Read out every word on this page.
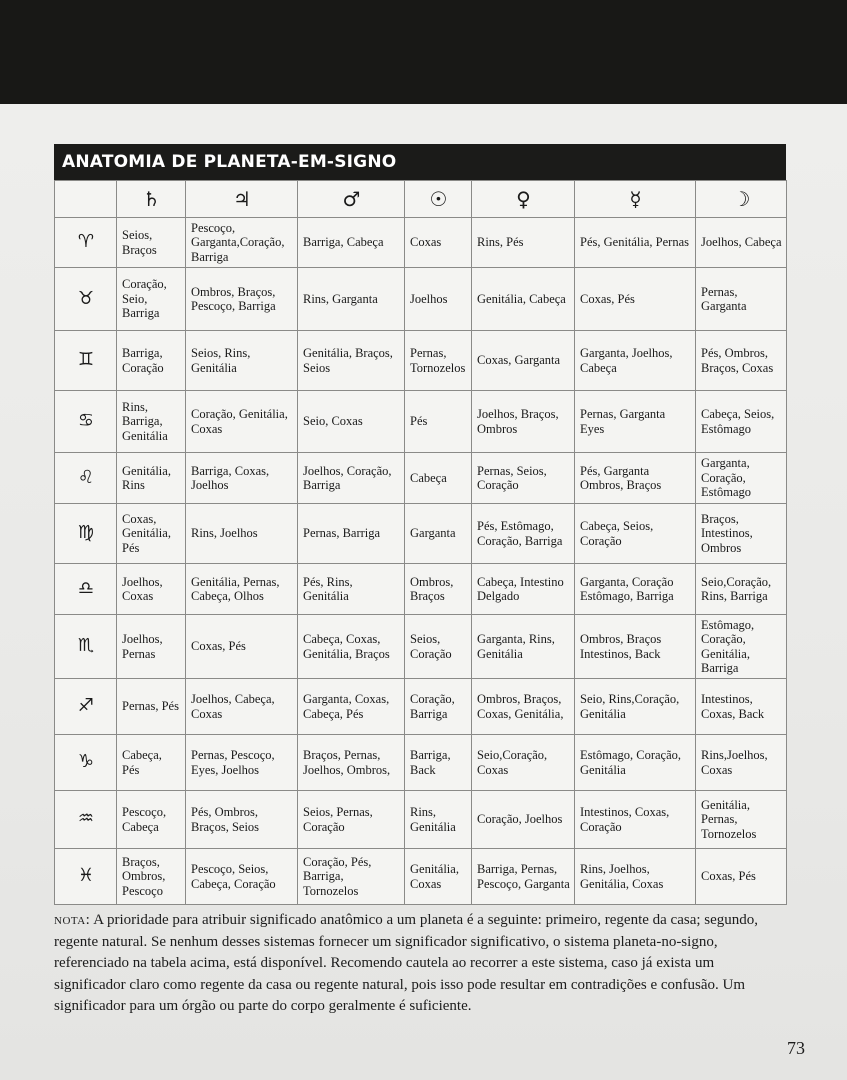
ANATOMIA DE PLANETA-EM-SIGNO
	♄	♃	♂	☉	♀	☿	☽

♈	Seios, Braços	Pescoço, Garganta,Coração, Barriga	Barriga, Cabeça	Coxas	Rins, Pés	Pés, Genitália, Pernas	Joelhos, Cabeça

♉	Coração, Seio, Barriga	Ombros, Braços, Pescoço, Barriga	Rins, Garganta	Joelhos	Genitália, Cabeça	Coxas, Pés	Pernas, Garganta

♊	Barriga, Coração	Seios, Rins, Genitália	Genitália, Braços, Seios	Pernas, Tornozelos	Coxas, Garganta	Garganta, Joelhos, Cabeça	Pés, Ombros, Braços, Coxas

♋	Rins, Barriga, Genitália	Coração, Genitália, Coxas	Seio, Coxas	Pés	Joelhos, Braços, Ombros	Pernas, Garganta Eyes	Cabeça, Seios, Estômago

♌	Genitália, Rins	Barriga, Coxas, Joelhos	Joelhos, Coração, Barriga	Cabeça	Pernas, Seios, Coração	Pés, Garganta Ombros, Braços	Garganta, Coração, Estômago

♍	Coxas, Genitália, Pés	Rins, Joelhos	Pernas, Barriga	Garganta	Pés, Estômago, Coração, Barriga	Cabeça, Seios, Coração	Braços, Intestinos, Ombros

♎	Joelhos, Coxas	Genitália, Pernas, Cabeça, Olhos	Pés, Rins, Genitália	Ombros, Braços	Cabeça, Intestino Delgado	Garganta, Coração Estômago, Barriga	Seio,Coração, Rins, Barriga

♏	Joelhos, Pernas	Coxas, Pés	Cabeça, Coxas, Genitália, Braços	Seios, Coração	Garganta, Rins, Genitália	Ombros, Braços Intestinos, Back	Estômago, Coração, Genitália, Barriga

♐	Pernas, Pés	Joelhos, Cabeça, Coxas	Garganta, Coxas, Cabeça, Pés	Coração, Barriga	Ombros, Braços, Coxas, Genitália,	Seio, Rins,Coração, Genitália	Intestinos, Coxas, Back

♑	Cabeça, Pés	Pernas, Pescoço, Eyes, Joelhos	Braços, Pernas, Joelhos, Ombros,	Barriga, Back	Seio,Coração, Coxas	Estômago, Coração, Genitália	Rins,Joelhos, Coxas

♒	Pescoço, Cabeça	Pés, Ombros, Braços, Seios	Seios, Pernas, Coração	Rins, Genitália	Coração, Joelhos	Intestinos, Coxas, Coração	Genitália, Pernas, Tornozelos

♓	Braços, Ombros, Pescoço	Pescoço, Seios, Cabeça, Coração	Coração, Pés, Barriga, Tornozelos	Genitália, Coxas	Barriga, Pernas, Pescoço, Garganta	Rins, Joelhos, Genitália, Coxas	Coxas, Pés
nota: A prioridade para atribuir significado anatômico a um planeta é a seguinte: primeiro, regente da casa; segundo, regente natural. Se nenhum desses sistemas fornecer um significador significativo, o sistema planeta-no-signo, referenciado na tabela acima, está disponível. Recomendo cautela ao recorrer a este sistema, caso já exista um significador claro como regente da casa ou regente natural, pois isso pode resultar em contradições e confusão. Um significador para um órgão ou parte do corpo geralmente é suficiente.
73
